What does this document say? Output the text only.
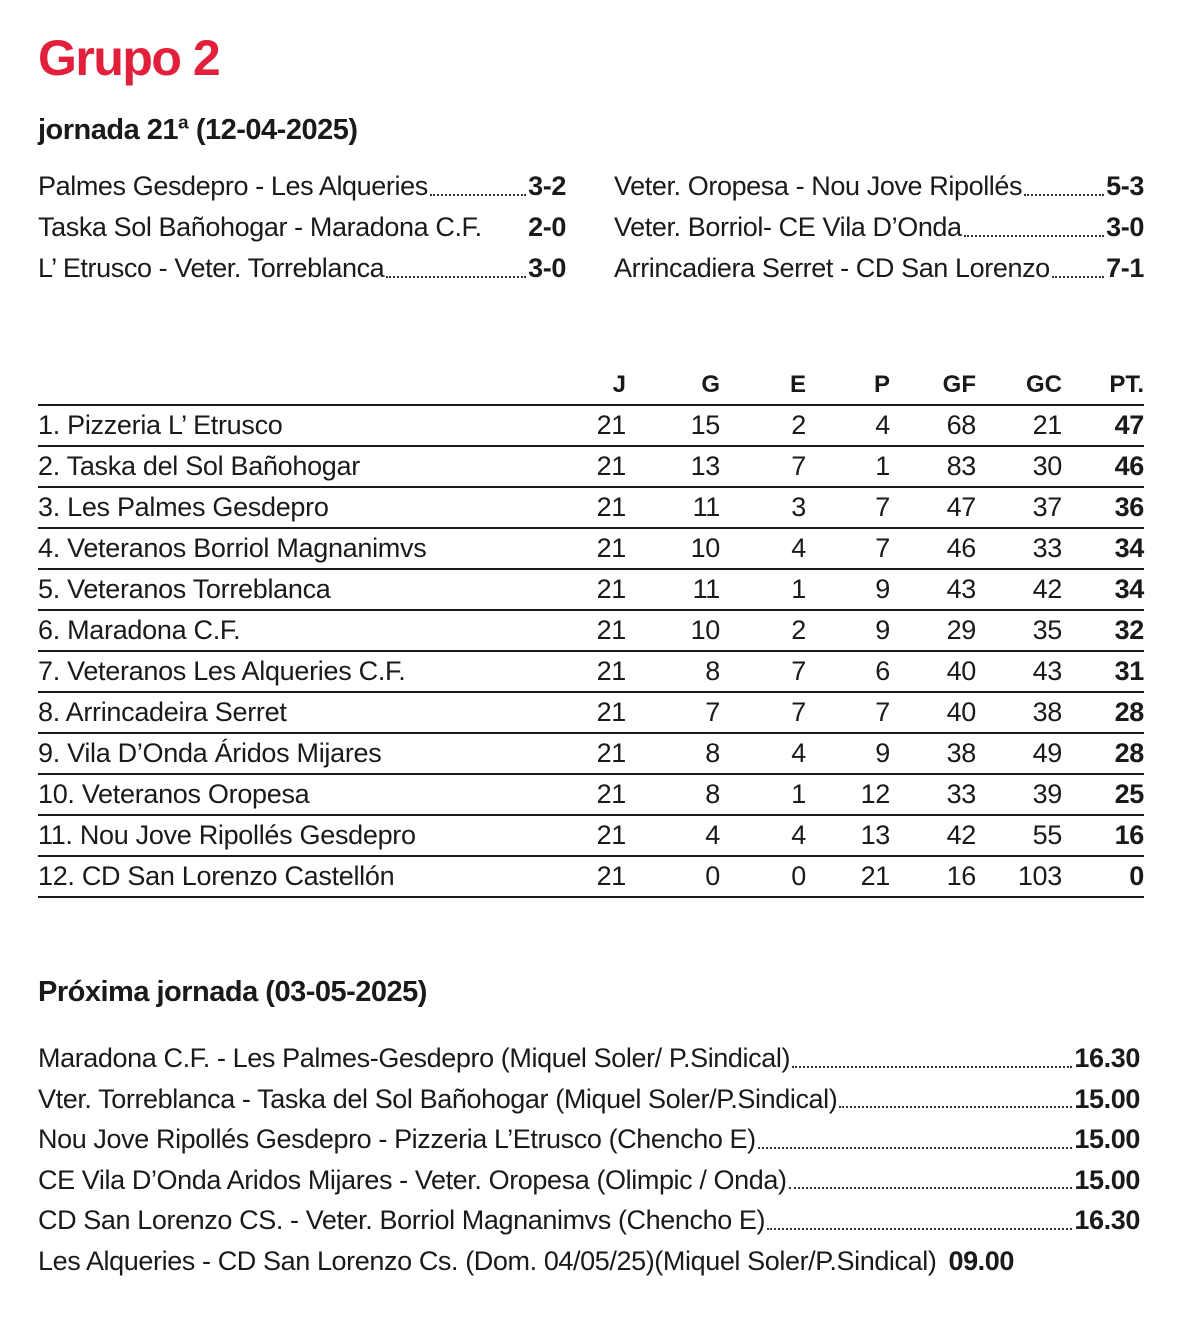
Grupo 2
jornada 21ª (12-04-2025)
Palmes Gesdepro - Les Alqueries	3-2
Taska Sol Bañohogar - Maradona C.F. 2-0
L’ Etrusco - Veter. Torreblanca	3-0
Veter. Oropesa - Nou Jove Ripollés	5-3
Veter. Borriol- CE Vila D’Onda	3-0
Arrincadiera Serret - CD San Lorenzo 7-1
	J	G	E	P	GF	GC	PT.
1. Pizzeria L’ Etrusco	21	15	2	4	68	21	47
2. Taska del Sol Bañohogar	21	13	7	1	83	30	46
3. Les Palmes Gesdepro	21	11	3	7	47	37	36
4. Veteranos Borriol Magnanimvs	21	10	4	7	46	33	34
5. Veteranos Torreblanca	21	11	1	9	43	42	34
6. Maradona C.F.	21	10	2	9	29	35	32
7. Veteranos Les Alqueries C.F.	21	8	7	6	40	43	31
8. Arrincadeira Serret	21	7	7	7	40	38	28
9. Vila D’Onda Áridos Mijares	21	8	4	9	38	49	28
10. Veteranos Oropesa	21	8	1	12	33	39	25
11. Nou Jove Ripollés Gesdepro	21	4	4	13	42	55	16
12. CD San Lorenzo Castellón	21	0	0	21	16	103	0
Próxima jornada (03-05-2025)
Maradona C.F. - Les Palmes-Gesdepro (Miquel Soler/ P.Sindical)	16.30
Vter. Torreblanca - Taska del Sol Bañohogar (Miquel Soler/P.Sindical)	15.00
Nou Jove Ripollés Gesdepro - Pizzeria L’Etrusco (Chencho E)	15.00
CE Vila D’Onda Aridos Mijares - Veter. Oropesa (Olimpic / Onda)	15.00
CD San Lorenzo CS. - Veter. Borriol Magnanimvs (Chencho E)	16.30
Les Alqueries - CD San Lorenzo Cs. (Dom. 04/05/25)(Miquel Soler/P.Sindical) 09.00
